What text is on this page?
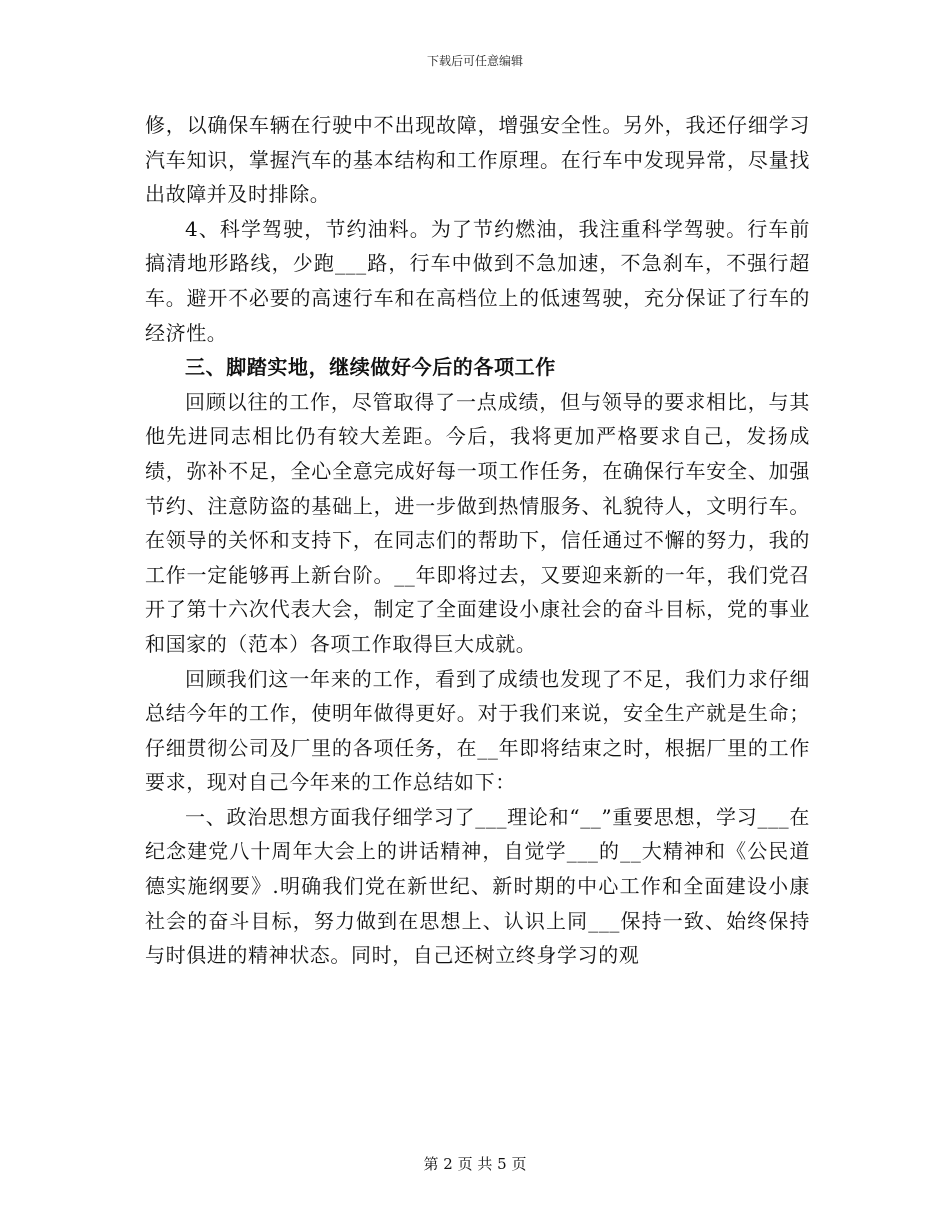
下载后可任意编辑

修，以确保车辆在行驶中不出现故障，增强安全性。另外，我还仔细学习汽车知识，掌握汽车的基本结构和工作原理。在行车中发现异常，尽量找出故障并及时排除。

4、科学驾驶，节约油料。为了节约燃油，我注重科学驾驶。行车前搞清地形路线，少跑___路，行车中做到不急加速，不急刹车，不强行超车。避开不必要的高速行车和在高档位上的低速驾驶，充分保证了行车的经济性。

三、脚踏实地，继续做好今后的各项工作

回顾以往的工作，尽管取得了一点成绩，但与领导的要求相比，与其他先进同志相比仍有较大差距。今后，我将更加严格要求自己，发扬成绩，弥补不足，全心全意完成好每一项工作任务，在确保行车安全、加强节约、注意防盗的基础上，进一步做到热情服务、礼貌待人，文明行车。在领导的关怀和支持下，在同志们的帮助下，信任通过不懈的努力，我的工作一定能够再上新台阶。__年即将过去，又要迎来新的一年，我们党召开了第十六次代表大会，制定了全面建设小康社会的奋斗目标，党的事业和国家的（范本）各项工作取得巨大成就。

回顾我们这一年来的工作，看到了成绩也发现了不足，我们力求仔细总结今年的工作，使明年做得更好。对于我们来说，安全生产就是生命；仔细贯彻公司及厂里的各项任务，在__年即将结束之时，根据厂里的工作要求，现对自己今年来的工作总结如下：

一、政治思想方面我仔细学习了___理论和“__”重要思想，学习___在纪念建党八十周年大会上的讲话精神，自觉学___的__大精神和《公民道德实施纲要》.明确我们党在新世纪、新时期的中心工作和全面建设小康社会的奋斗目标，努力做到在思想上、认识上同___保持一致、始终保持与时俱进的精神状态。同时，自己还树立终身学习的观

第 2 页 共 5 页
